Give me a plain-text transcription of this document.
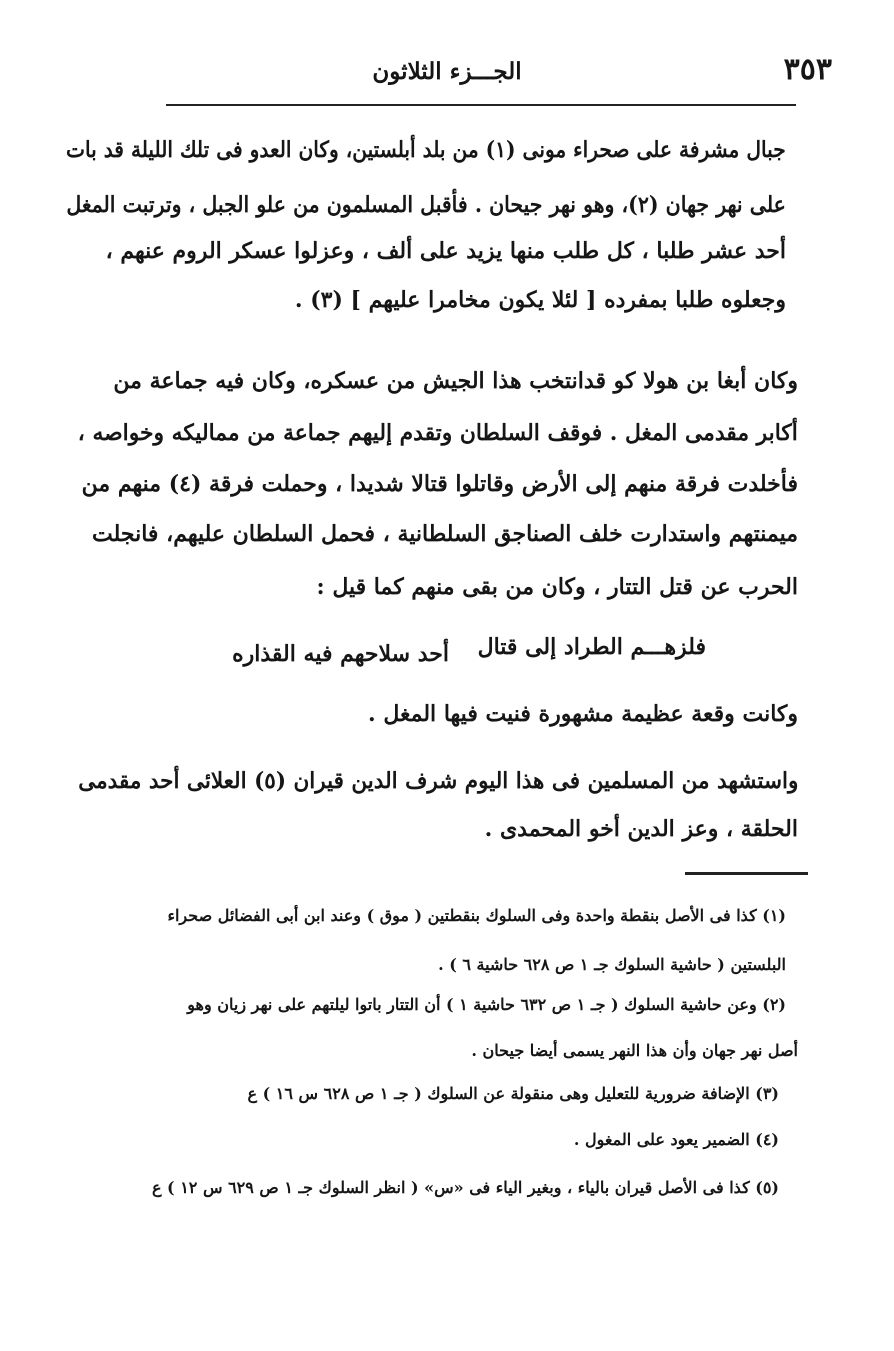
٣٥٣
الجـــزء الثلاثون
جبال مشرفة على صحراء مونى (١) من بلد أبلستين، وكان العدو فى تلك الليلة قد بات
على نهر جهان (٢)، وهو نهر جيحان . فأقبل المسلمون من علو الجبل ، وترتبت المغل
أحد عشر طلبا ، كل طلب منها يزيد على ألف ، وعزلوا عسكر الروم عنهم ،
وجعلوه طلبا بمفرده [ لئلا يكون مخامرا عليهم ] (٣) .
وكان أبغا بن هولا كو قدانتخب هذا الجيش من عسكره، وكان فيه جماعة من
أكابر مقدمى المغل . فوقف السلطان وتقدم إليهم جماعة من مماليكه وخواصه ،
فأخلدت فرقة منهم إلى الأرض وقاتلوا قتالا شديدا ، وحملت فرقة (٤) منهم من
ميمنتهم واستدارت خلف الصناجق السلطانية ، فحمل السلطان عليهم، فانجلت
الحرب عن قتل التتار ، وكان من بقى منهم كما قيل :
فلزهـــم الطراد إلى قتال
أحد سلاحهم فيه القذاره
وكانت وقعة عظيمة مشهورة فنيت فيها المغل .
واستشهد من المسلمين فى هذا اليوم شرف الدين قيران (٥) العلائى أحد مقدمى
الحلقة ، وعز الدين أخو المحمدى .
(١) كذا فى الأصل بنقطة واحدة وفى السلوك بنقطتين ( موق ) وعند ابن أبى الفضائل صحراء
البلستين ( حاشية السلوك جـ ١ ص ٦٢٨ حاشية ٦ ) .
(٢) وعن حاشية السلوك ( جـ ١ ص ٦٣٢ حاشية ١ ) أن التتار باتوا ليلتهم على نهر زيان وهو
أصل نهر جهان وأن هذا النهر يسمى أيضا جيحان .
(٣) الإضافة ضرورية للتعليل وهى منقولة عن السلوك ( جـ ١ ص ٦٢٨ س ١٦ ) ع
(٤) الضمير يعود على المغول .
(٥) كذا فى الأصل قيران بالياء ، وبغير الياء فى «س» ( انظر السلوك جـ ١ ص ٦٢٩ س ١٢ ) ع
